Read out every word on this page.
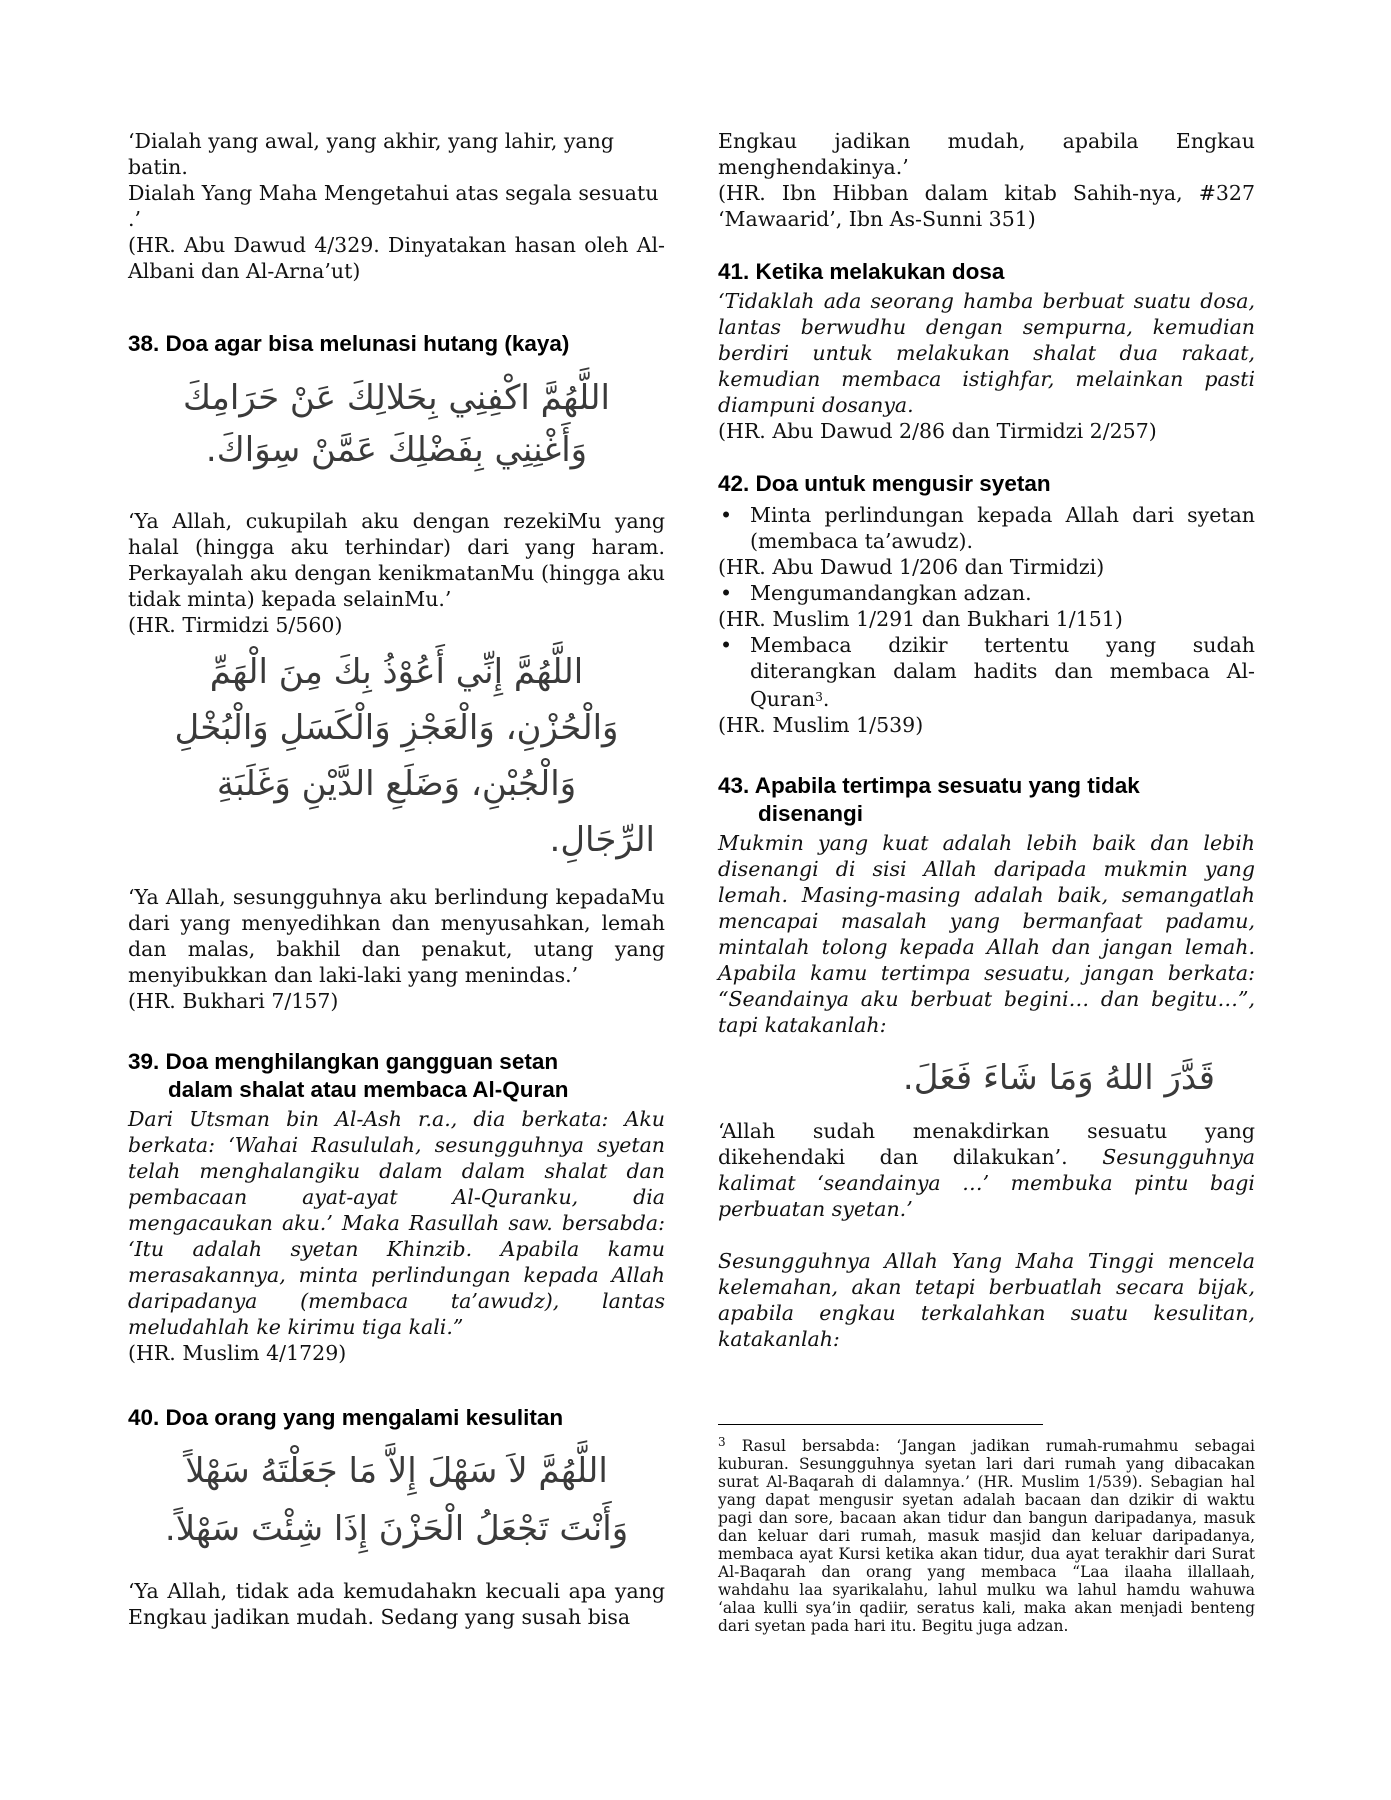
‘Dialah yang awal, yang akhir, yang lahir, yang batin.

Dialah Yang Maha Mengetahui atas segala sesuatu .’

(HR. Abu Dawud 4/329. Dinyatakan hasan oleh Al-Albani dan Al-Arna’ut)

38. Doa agar bisa melunasi hutang (kaya)
اللَّهُمَّ اكْفِنِي بِحَلالِكَ عَنْ حَرَامِكَ
وَأَغْنِنِي بِفَضْلِكَ عَمَّنْ سِوَاكَ.

‘Ya Allah, cukupilah aku dengan rezekiMu yang halal (hingga aku terhindar) dari yang haram. Perkayalah aku dengan kenikmatanMu (hingga aku tidak minta) kepada selainMu.’

(HR. Tirmidzi 5/560)

اللَّهُمَّ إِنِّي أَعُوْذُ بِكَ مِنَ الْهَمِّ
وَالْحُزْنِ، وَالْعَجْزِ وَالْكَسَلِ وَالْبُخْلِ
وَالْجُبْنِ، وَضَلَعِ الدَّيْنِ وَغَلَبَةِ
الرِّجَالِ.

‘Ya Allah, sesungguhnya aku berlindung kepadaMu dari yang menyedihkan dan menyusahkan, lemah dan malas, bakhil dan penakut, utang yang menyibukkan dan laki-laki yang menindas.’

(HR. Bukhari 7/157)

39. Doa menghilangkan gangguan setan
dalam shalat atau membaca Al-Quran

Dari Utsman bin Al-Ash r.a., dia berkata: Aku berkata: ‘Wahai Rasululah, sesungguhnya syetan telah menghalangiku dalam dalam shalat dan pembacaan ayat-ayat Al-Quranku, dia mengacaukan aku.’ Maka Rasullah saw. bersabda: ‘Itu adalah syetan Khinzib. Apabila kamu merasakannya, minta perlindungan kepada Allah daripadanya (membaca ta’awudz), lantas meludahlah ke kirimu tiga kali.”

(HR. Muslim 4/1729)

40. Doa orang yang mengalami kesulitan
اللَّهُمَّ لاَ سَهْلَ إِلاَّ مَا جَعَلْتَهُ سَهْلاً
وَأَنْتَ تَجْعَلُ الْحَزْنَ إِذَا شِئْتَ سَهْلاً.

‘Ya Allah, tidak ada kemudahakn kecuali apa yang Engkau jadikan mudah. Sedang yang susah bisa

Engkau jadikan mudah, apabila Engkau menghendakinya.’

(HR. Ibn Hibban dalam kitab Sahih-nya, #327 ‘Mawaarid’, Ibn As-Sunni 351)

41. Ketika melakukan dosa

‘Tidaklah ada seorang hamba berbuat suatu dosa, lantas berwudhu dengan sempurna, kemudian berdiri untuk melakukan shalat dua rakaat, kemudian membaca istighfar, melainkan pasti diampuni dosanya.

(HR. Abu Dawud 2/86 dan Tirmidzi 2/257)

42. Doa untuk mengusir syetan
• Minta perlindungan kepada Allah dari syetan (membaca ta’awudz).

(HR. Abu Dawud 1/206 dan Tirmidzi)

• Mengumandangkan adzan.

(HR. Muslim 1/291 dan Bukhari 1/151)

• Membaca dzikir tertentu yang sudah diterangkan dalam hadits dan membaca Al-Quran$^3$.

(HR. Muslim 1/539)

43. Apabila tertimpa sesuatu yang tidak
disenangi

Mukmin yang kuat adalah lebih baik dan lebih disenangi di sisi Allah daripada mukmin yang lemah. Masing-masing adalah baik, semangatlah mencapai masalah yang bermanfaat padamu, mintalah tolong kepada Allah dan jangan lemah. Apabila kamu tertimpa sesuatu, jangan berkata: “Seandainya aku berbuat begini… dan begitu…”, tapi katakanlah:

قَدَّرَ اللهُ وَمَا شَاءَ فَعَلَ.

‘Allah sudah menakdirkan sesuatu yang dikehendaki dan dilakukan’. Sesungguhnya kalimat ‘seandainya …’ membuka pintu bagi perbuatan syetan.’

Sesungguhnya Allah Yang Maha Tinggi mencela kelemahan, akan tetapi berbuatlah secara bijak, apabila engkau terkalahkan suatu kesulitan, katakanlah:

$^3$ Rasul bersabda: ‘Jangan jadikan rumah-rumahmu sebagai kuburan. Sesungguhnya syetan lari dari rumah yang dibacakan surat Al-Baqarah di dalamnya.’ (HR. Muslim 1/539). Sebagian hal yang dapat mengusir syetan adalah bacaan dan dzikir di waktu pagi dan sore, bacaan akan tidur dan bangun daripadanya, masuk dan keluar dari rumah, masuk masjid dan keluar daripadanya, membaca ayat Kursi ketika akan tidur, dua ayat terakhir dari Surat Al-Baqarah dan orang yang membaca “Laa ilaaha illallaah, wahdahu laa syarikalahu, lahul mulku wa lahul hamdu wahuwa ‘alaa kulli sya’in qadiir, seratus kali, maka akan menjadi benteng dari syetan pada hari itu. Begitu juga adzan.
